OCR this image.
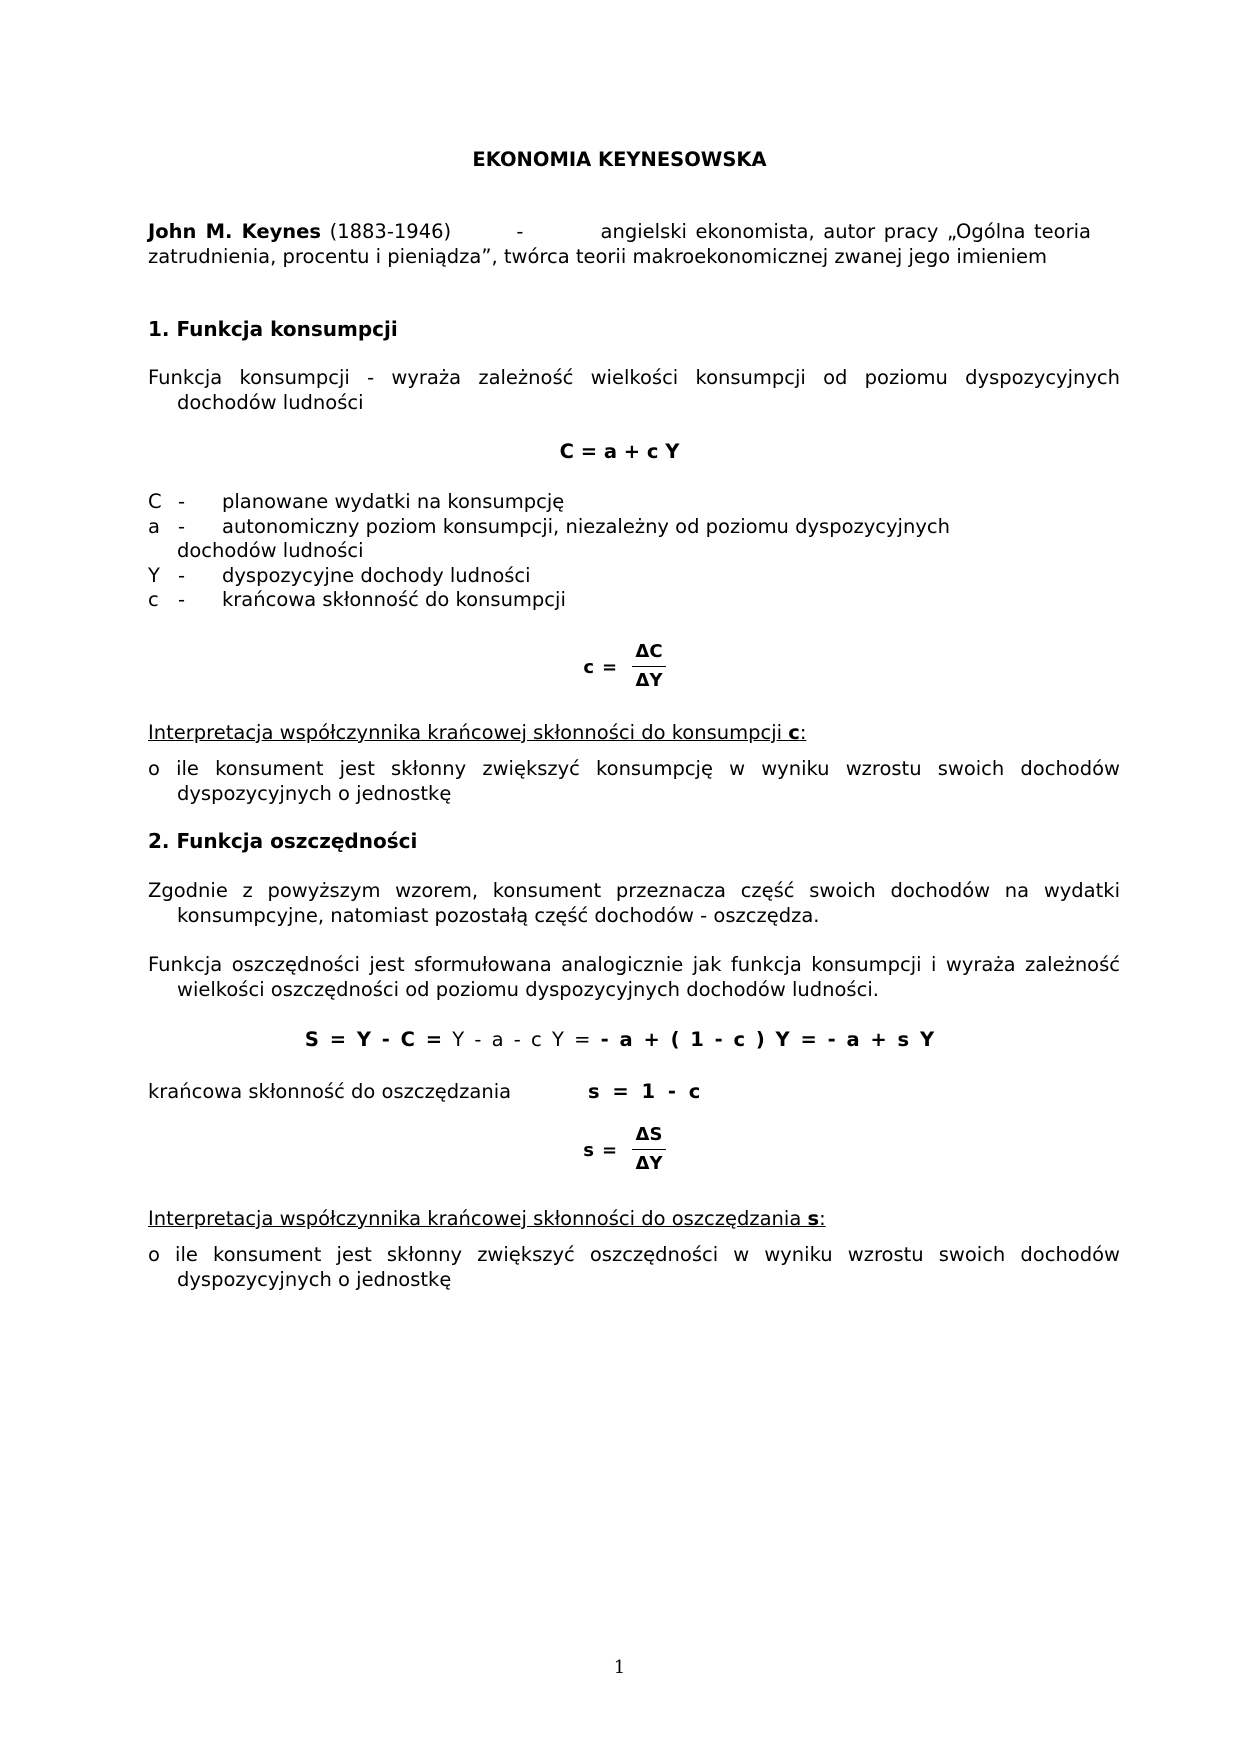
EKONOMIA KEYNESOWSKA
John M. Keynes (1883-1946)	-	angielski ekonomista, autor pracy „Ogólna teoria zatrudnienia, procentu i pieniądza”, twórca teorii makroekonomicznej zwanej jego imieniem
1. Funkcja konsumpcji
Funkcja konsumpcji - wyraża zależność wielkości konsumpcji od poziomu dyspozycyjnych dochodów ludności
C = a + c Y
C - planowane wydatki na konsumpcję
a - autonomiczny poziom konsumpcji, niezależny od poziomu dyspozycyjnych
dochodów ludności
Y - dyspozycyjne dochody ludności
c - krańcowa skłonność do konsumpcji
c =
ΔC
ΔY
Interpretacja współczynnika krańcowej skłonności do konsumpcji c:
o ile konsument jest skłonny zwiększyć konsumpcję w wyniku wzrostu swoich dochodów dyspozycyjnych o jednostkę
2. Funkcja oszczędności
Zgodnie z powyższym wzorem, konsument przeznacza część swoich dochodów na wydatki konsumpcyjne, natomiast pozostałą część dochodów - oszczędza.
Funkcja oszczędności jest sformułowana analogicznie jak funkcja konsumpcji i wyraża zależność wielkości oszczędności od poziomu dyspozycyjnych dochodów ludności.
S = Y - C = Y - a - c Y = - a + ( 1 - c ) Y = - a + s Y
krańcowa skłonność do oszczędzania	s = 1 - c
s =
ΔS
ΔY
Interpretacja współczynnika krańcowej skłonności do oszczędzania s:
o ile konsument jest skłonny zwiększyć oszczędności w wyniku wzrostu swoich dochodów dyspozycyjnych o jednostkę
1
